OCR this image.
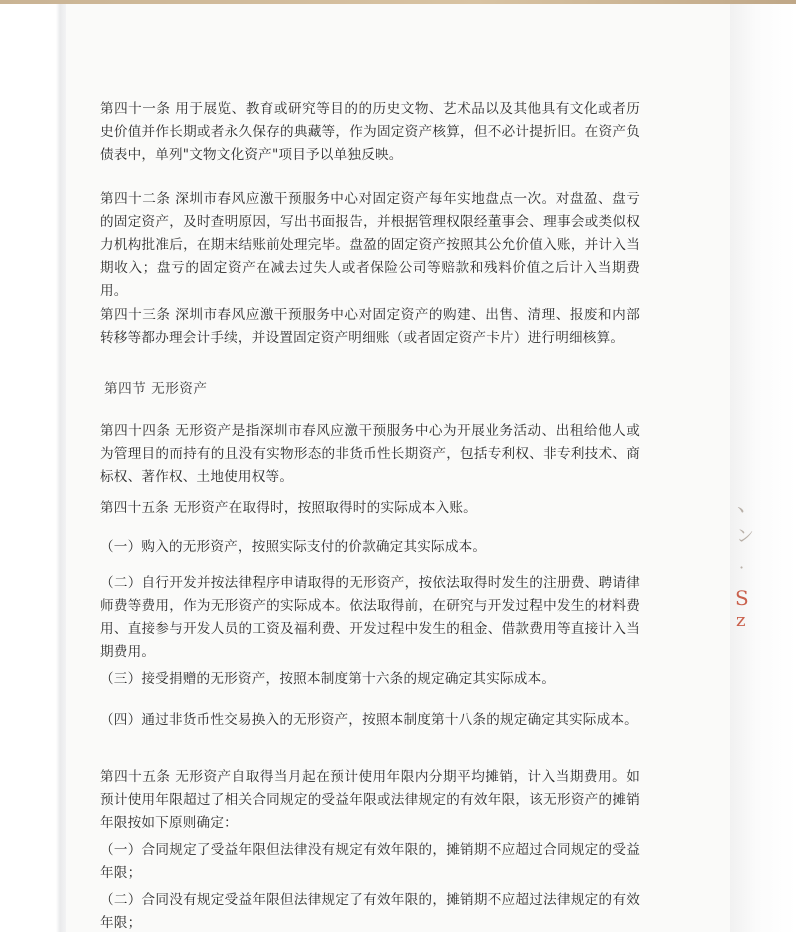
、
ン
·
S
z

第四十一条 用于展览、教育或研究等目的的历史文物、艺术品以及其他具有文化或者历史价值并作长期或者永久保存的典藏等，作为固定资产核算，但不必计提折旧。在资产负债表中，单列"文物文化资产"项目予以单独反映。

第四十二条 深圳市春风应激干预服务中心对固定资产每年实地盘点一次。对盘盈、盘亏的固定资产，及时查明原因，写出书面报告，并根据管理权限经董事会、理事会或类似权力机构批准后，在期末结账前处理完毕。盘盈的固定资产按照其公允价值入账，并计入当期收入；盘亏的固定资产在减去过失人或者保险公司等赔款和残料价值之后计入当期费用。

第四十三条 深圳市春风应激干预服务中心对固定资产的购建、出售、清理、报废和内部转移等都办理会计手续，并设置固定资产明细账（或者固定资产卡片）进行明细核算。

第四节 无形资产

第四十四条 无形资产是指深圳市春风应激干预服务中心为开展业务活动、出租给他人或为管理目的而持有的且没有实物形态的非货币性长期资产，包括专利权、非专利技术、商标权、著作权、土地使用权等。

第四十五条 无形资产在取得时，按照取得时的实际成本入账。

（一）购入的无形资产，按照实际支付的价款确定其实际成本。

（二）自行开发并按法律程序申请取得的无形资产，按依法取得时发生的注册费、聘请律师费等费用，作为无形资产的实际成本。依法取得前，在研究与开发过程中发生的材料费用、直接参与开发人员的工资及福利费、开发过程中发生的租金、借款费用等直接计入当期费用。

（三）接受捐赠的无形资产，按照本制度第十六条的规定确定其实际成本。

（四）通过非货币性交易换入的无形资产，按照本制度第十八条的规定确定其实际成本。

第四十五条 无形资产自取得当月起在预计使用年限内分期平均摊销，计入当期费用。如预计使用年限超过了相关合同规定的受益年限或法律规定的有效年限，该无形资产的摊销年限按如下原则确定：

（一）合同规定了受益年限但法律没有规定有效年限的，摊销期不应超过合同规定的受益年限；

（二）合同没有规定受益年限但法律规定了有效年限的，摊销期不应超过法律规定的有效年限；
